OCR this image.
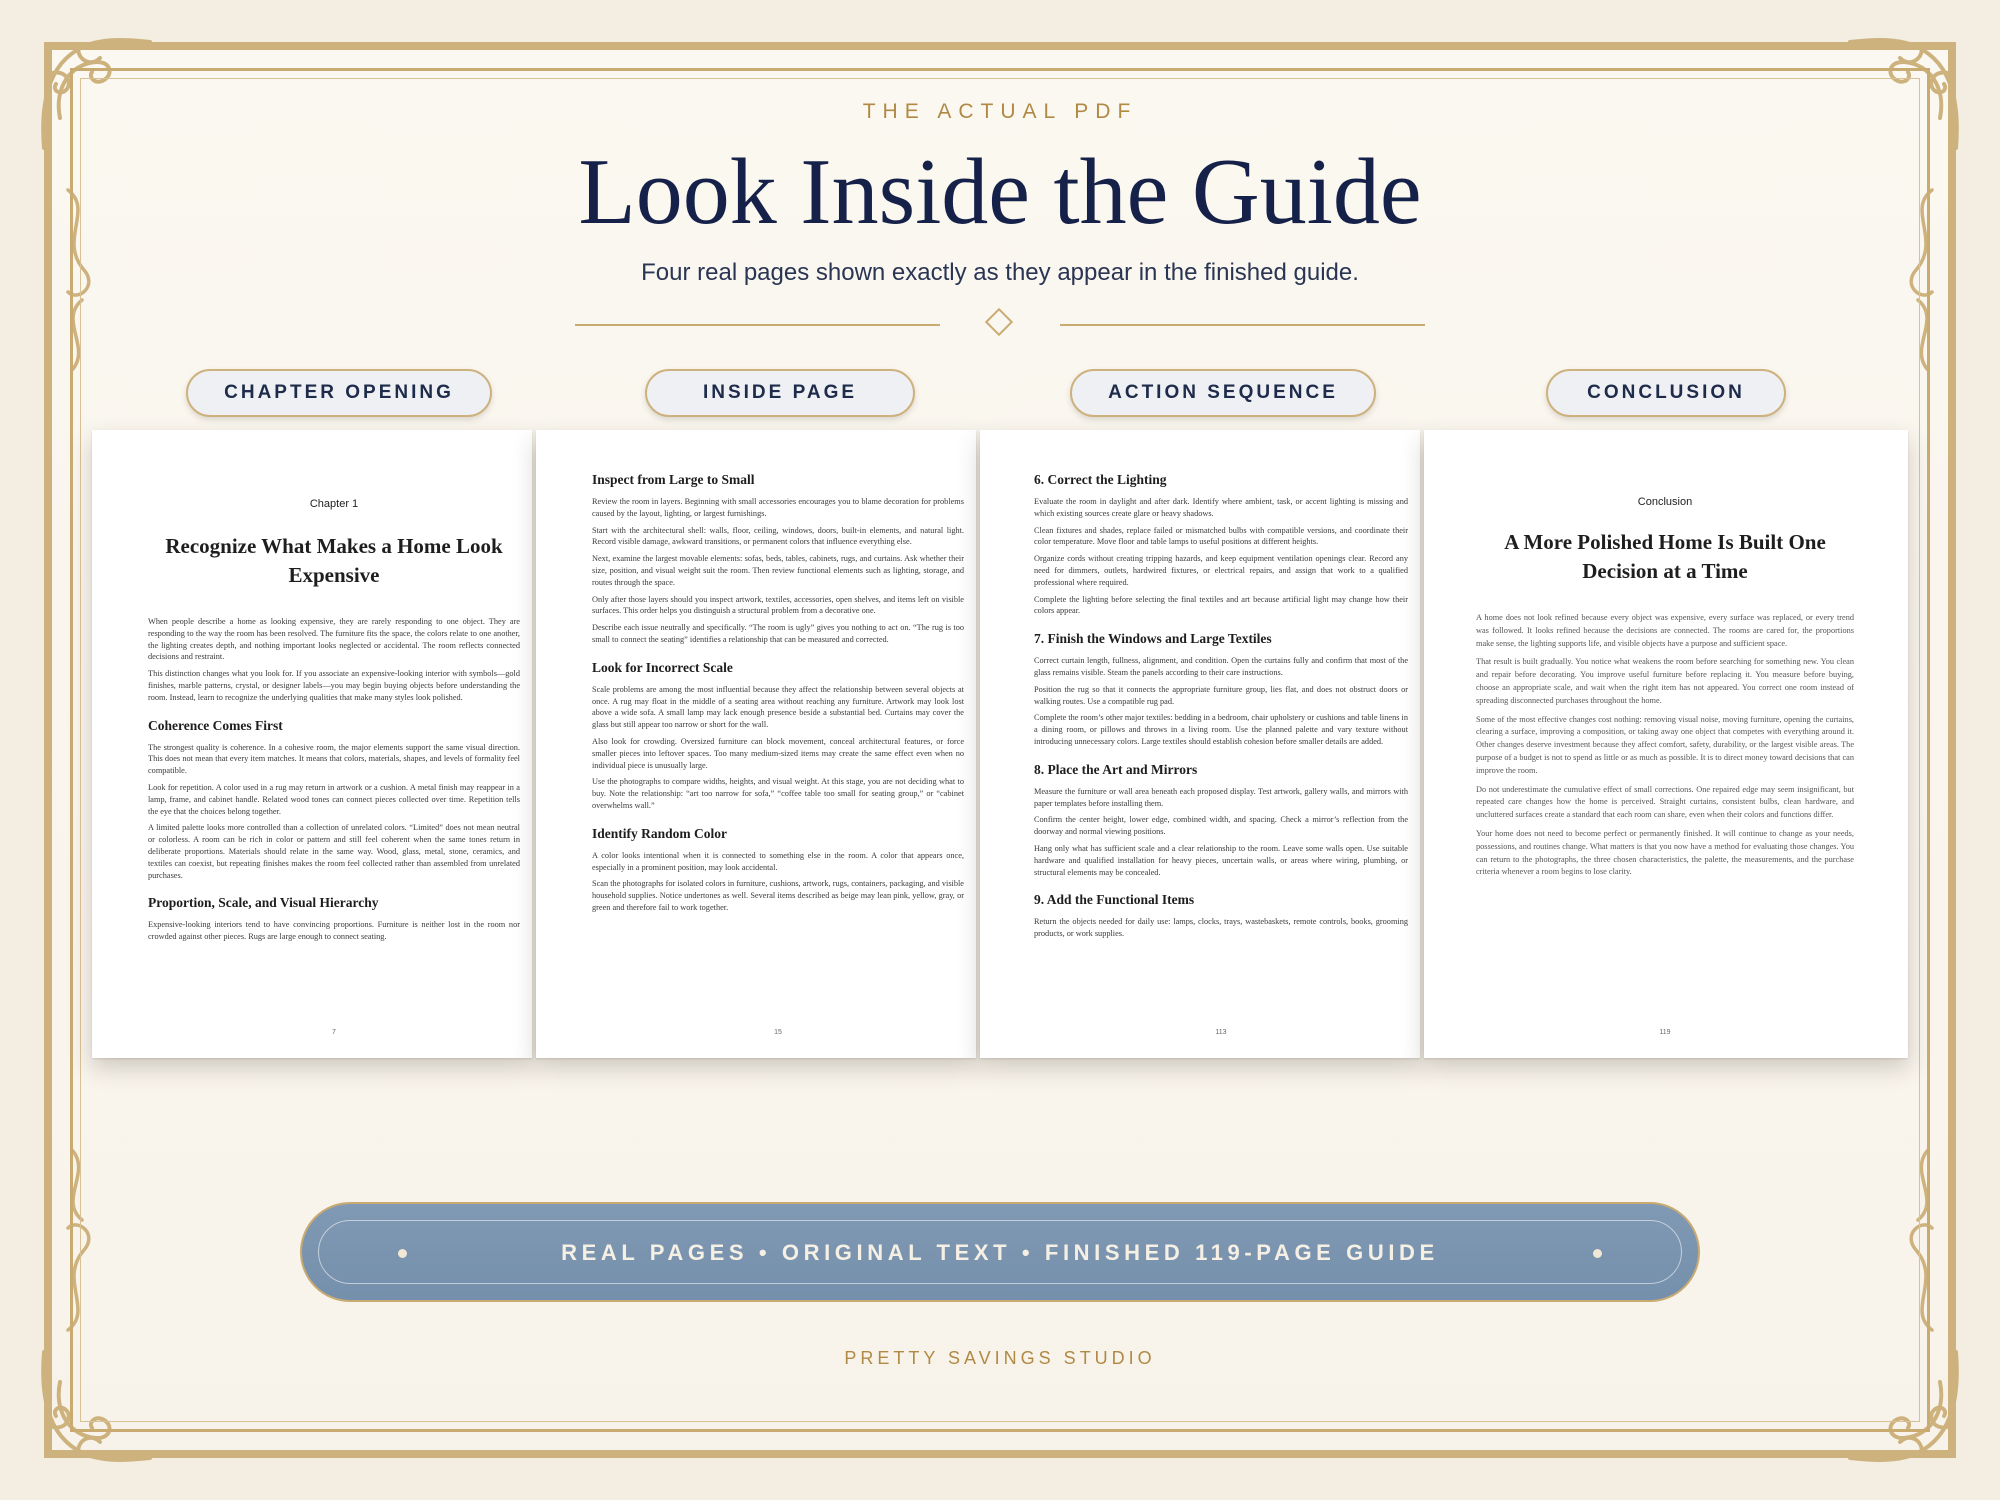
THE ACTUAL PDF
Look Inside the Guide
Four real pages shown exactly as they appear in the finished guide.
CHAPTER OPENING	INSIDE PAGE	ACTION SEQUENCE	CONCLUSION
Chapter 1
Recognize What Makes a Home Look Expensive
When people describe a home as looking expensive, they are rarely responding to one object. They are responding to the way the room has been resolved. The furniture fits the space, the colors relate to one another, the lighting creates depth, and nothing important looks neglected or accidental. The room reflects connected decisions and restraint.
This distinction changes what you look for. If you associate an expensive-looking interior with symbols—gold finishes, marble patterns, crystal, or designer labels—you may begin buying objects before understanding the room. Instead, learn to recognize the underlying qualities that make many styles look polished.
Coherence Comes First
The strongest quality is coherence. In a cohesive room, the major elements support the same visual direction. This does not mean that every item matches. It means that colors, materials, shapes, and levels of formality feel compatible.
Look for repetition. A color used in a rug may return in artwork or a cushion. A metal finish may reappear in a lamp, frame, and cabinet handle. Related wood tones can connect pieces collected over time. Repetition tells the eye that the choices belong together.
A limited palette looks more controlled than a collection of unrelated colors. “Limited” does not mean neutral or colorless. A room can be rich in color or pattern and still feel coherent when the same tones return in deliberate proportions. Materials should relate in the same way. Wood, glass, metal, stone, ceramics, and textiles can coexist, but repeating finishes makes the room feel collected rather than assembled from unrelated purchases.
Proportion, Scale, and Visual Hierarchy
Expensive-looking interiors tend to have convincing proportions. Furniture is neither lost in the room nor crowded against other pieces. Rugs are large enough to connect seating.
7
Inspect from Large to Small
Review the room in layers. Beginning with small accessories encourages you to blame decoration for problems caused by the layout, lighting, or largest furnishings.
Start with the architectural shell: walls, floor, ceiling, windows, doors, built-in elements, and natural light. Record visible damage, awkward transitions, or permanent colors that influence everything else.
Next, examine the largest movable elements: sofas, beds, tables, cabinets, rugs, and curtains. Ask whether their size, position, and visual weight suit the room. Then review functional elements such as lighting, storage, and routes through the space.
Only after those layers should you inspect artwork, textiles, accessories, open shelves, and items left on visible surfaces. This order helps you distinguish a structural problem from a decorative one.
Describe each issue neutrally and specifically. “The room is ugly” gives you nothing to act on. “The rug is too small to connect the seating” identifies a relationship that can be measured and corrected.
Look for Incorrect Scale
Scale problems are among the most influential because they affect the relationship between several objects at once. A rug may float in the middle of a seating area without reaching any furniture. Artwork may look lost above a wide sofa. A small lamp may lack enough presence beside a substantial bed. Curtains may cover the glass but still appear too narrow or short for the wall.
Also look for crowding. Oversized furniture can block movement, conceal architectural features, or force smaller pieces into leftover spaces. Too many medium-sized items may create the same effect even when no individual piece is unusually large.
Use the photographs to compare widths, heights, and visual weight. At this stage, you are not deciding what to buy. Note the relationship: “art too narrow for sofa,” “coffee table too small for seating group,” or “cabinet overwhelms wall.”
Identify Random Color
A color looks intentional when it is connected to something else in the room. A color that appears once, especially in a prominent position, may look accidental.
Scan the photographs for isolated colors in furniture, cushions, artwork, rugs, containers, packaging, and visible household supplies. Notice undertones as well. Several items described as beige may lean pink, yellow, gray, or green and therefore fail to work together.
15
6. Correct the Lighting
Evaluate the room in daylight and after dark. Identify where ambient, task, or accent lighting is missing and which existing sources create glare or heavy shadows.
Clean fixtures and shades, replace failed or mismatched bulbs with compatible versions, and coordinate their color temperature. Move floor and table lamps to useful positions at different heights.
Organize cords without creating tripping hazards, and keep equipment ventilation openings clear. Record any need for dimmers, outlets, hardwired fixtures, or electrical repairs, and assign that work to a qualified professional where required.
Complete the lighting before selecting the final textiles and art because artificial light may change how their colors appear.
7. Finish the Windows and Large Textiles
Correct curtain length, fullness, alignment, and condition. Open the curtains fully and confirm that most of the glass remains visible. Steam the panels according to their care instructions.
Position the rug so that it connects the appropriate furniture group, lies flat, and does not obstruct doors or walking routes. Use a compatible rug pad.
Complete the room’s other major textiles: bedding in a bedroom, chair upholstery or cushions and table linens in a dining room, or pillows and throws in a living room. Use the planned palette and vary texture without introducing unnecessary colors. Large textiles should establish cohesion before smaller details are added.
8. Place the Art and Mirrors
Measure the furniture or wall area beneath each proposed display. Test artwork, gallery walls, and mirrors with paper templates before installing them.
Confirm the center height, lower edge, combined width, and spacing. Check a mirror’s reflection from the doorway and normal viewing positions.
Hang only what has sufficient scale and a clear relationship to the room. Leave some walls open. Use suitable hardware and qualified installation for heavy pieces, uncertain walls, or areas where wiring, plumbing, or structural elements may be concealed.
9. Add the Functional Items
Return the objects needed for daily use: lamps, clocks, trays, wastebaskets, remote controls, books, grooming products, or work supplies.
113
Conclusion
A More Polished Home Is Built One Decision at a Time
A home does not look refined because every object was expensive, every surface was replaced, or every trend was followed. It looks refined because the decisions are connected. The rooms are cared for, the proportions make sense, the lighting supports life, and visible objects have a purpose and sufficient space.
That result is built gradually. You notice what weakens the room before searching for something new. You clean and repair before decorating. You improve useful furniture before replacing it. You measure before buying, choose an appropriate scale, and wait when the right item has not appeared. You correct one room instead of spreading disconnected purchases throughout the home.
Some of the most effective changes cost nothing: removing visual noise, moving furniture, opening the curtains, clearing a surface, improving a composition, or taking away one object that competes with everything around it. Other changes deserve investment because they affect comfort, safety, durability, or the largest visible areas. The purpose of a budget is not to spend as little or as much as possible. It is to direct money toward decisions that can improve the room.
Do not underestimate the cumulative effect of small corrections. One repaired edge may seem insignificant, but repeated care changes how the home is perceived. Straight curtains, consistent bulbs, clean hardware, and uncluttered surfaces create a standard that each room can share, even when their colors and functions differ.
Your home does not need to become perfect or permanently finished. It will continue to change as your needs, possessions, and routines change. What matters is that you now have a method for evaluating those changes. You can return to the photographs, the three chosen characteristics, the palette, the measurements, and the purchase criteria whenever a room begins to lose clarity.
119
REAL PAGES • ORIGINAL TEXT • FINISHED 119-PAGE GUIDE
PRETTY SAVINGS STUDIO
